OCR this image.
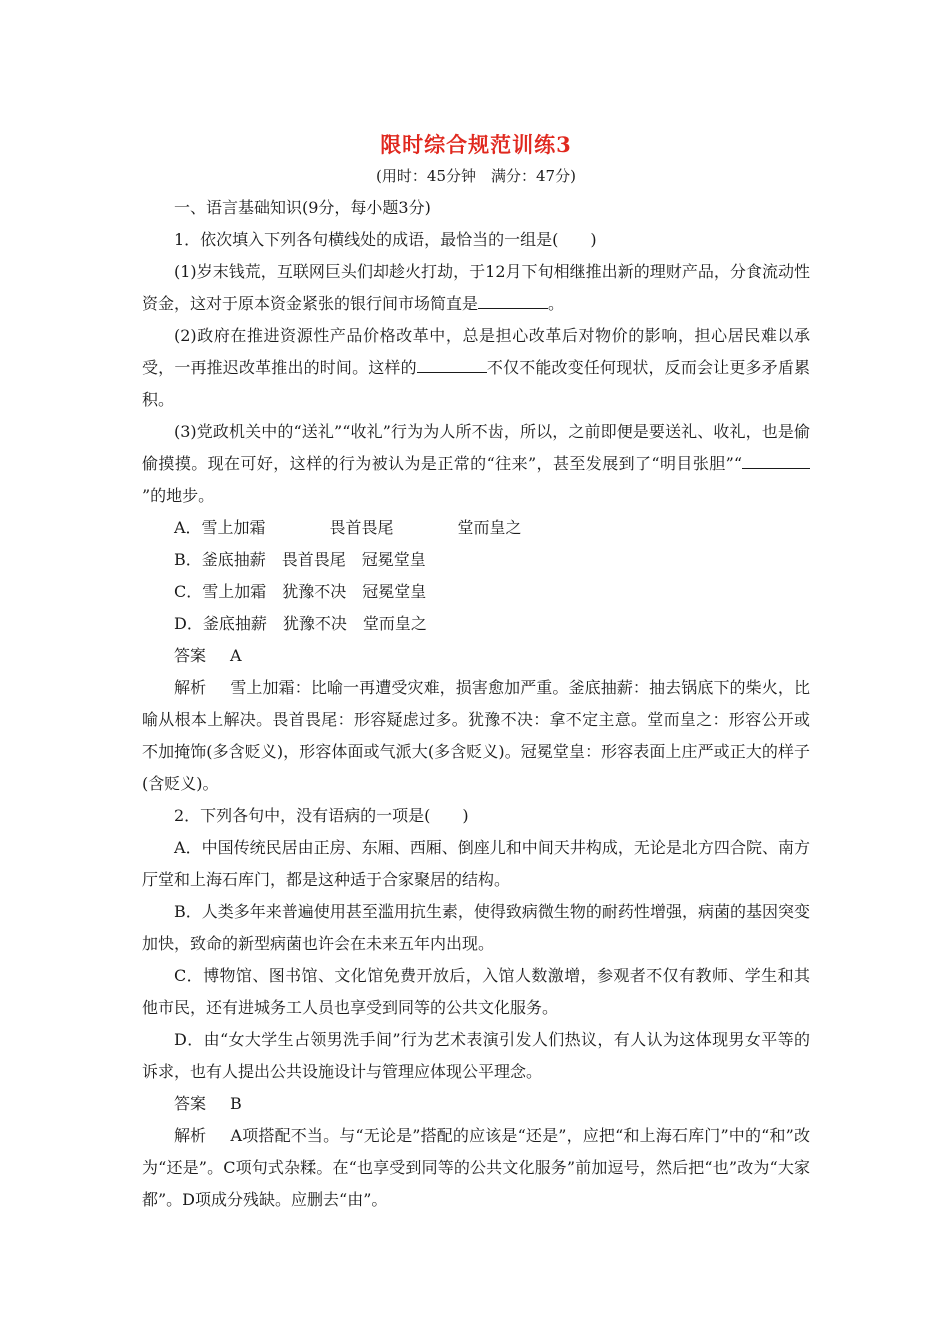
限时综合规范训练3
(用时：45分钟　满分：47分)

一、语言基础知识(9分，每小题3分)

1．依次填入下列各句横线处的成语，最恰当的一组是(　　)

(1)岁末钱荒，互联网巨头们却趁火打劫，于12月下旬相继推出新的理财产品，分食流动性资金，这对于原本资金紧张的银行间市场简直是	。

(2)政府在推进资源性产品价格改革中，总是担心改革后对物价的影响，担心居民难以承受，一再推迟改革推出的时间。这样的	不仅不能改变任何现状，反而会让更多矛盾累积。

(3)党政机关中的“送礼”“收礼”行为为人所不齿，所以，之前即便是要送礼、收礼，也是偷偷摸摸。现在可好，这样的行为被认为是正常的“往来”，甚至发展到了“明目张胆”“”的地步。

A．雪上加霜　　　　畏首畏尾　　　　堂而皇之

B．釜底抽薪　畏首畏尾　冠冕堂皇

C．雪上加霜　犹豫不决　冠冕堂皇

D．釜底抽薪　犹豫不决　堂而皇之

答案　 A

解析　 雪上加霜：比喻一再遭受灾难，损害愈加严重。釜底抽薪：抽去锅底下的柴火，比喻从根本上解决。畏首畏尾：形容疑虑过多。犹豫不决：拿不定主意。堂而皇之：形容公开或不加掩饰(多含贬义)，形容体面或气派大(多含贬义)。冠冕堂皇：形容表面上庄严或正大的样子(含贬义)。

2．下列各句中，没有语病的一项是(　　)

A．中国传统民居由正房、东厢、西厢、倒座儿和中间天井构成，无论是北方四合院、南方厅堂和上海石库门，都是这种适于合家聚居的结构。

B．人类多年来普遍使用甚至滥用抗生素，使得致病微生物的耐药性增强，病菌的基因突变加快，致命的新型病菌也许会在未来五年内出现。

C．博物馆、图书馆、文化馆免费开放后，入馆人数激增，参观者不仅有教师、学生和其他市民，还有进城务工人员也享受到同等的公共文化服务。

D．由“女大学生占领男洗手间”行为艺术表演引发人们热议，有人认为这体现男女平等的诉求，也有人提出公共设施设计与管理应体现公平理念。

答案　 B

解析　 A项搭配不当。与“无论是”搭配的应该是“还是”，应把“和上海石库门”中的“和”改为“还是”。C项句式杂糅。在“也享受到同等的公共文化服务”前加逗号，然后把“也”改为“大家都”。D项成分残缺。应删去“由”。
